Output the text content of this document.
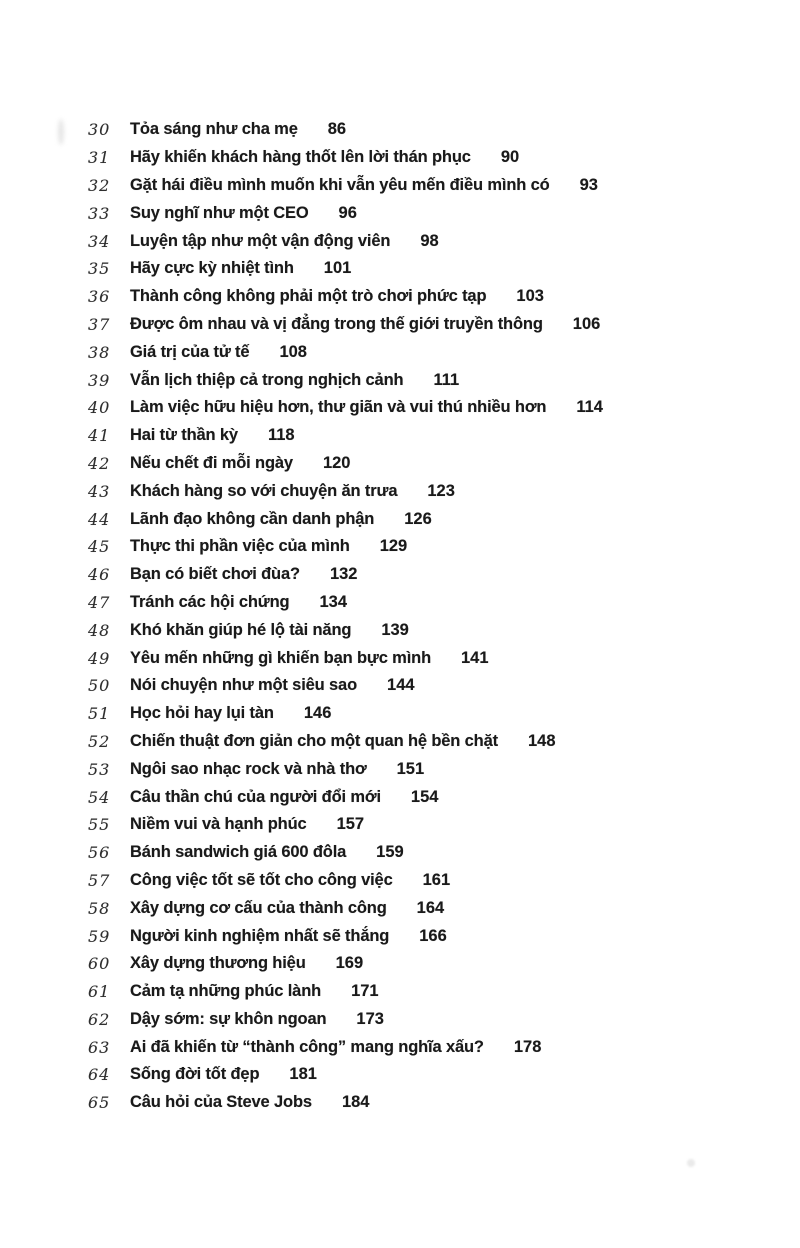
30	Tỏa sáng như cha mẹ 86
31	Hãy khiến khách hàng thốt lên lời thán phục 90
32	Gặt hái điều mình muốn khi vẫn yêu mến điều mình có 93
33	Suy nghĩ như một CEO 96
34	Luyện tập như một vận động viên 98
35	Hãy cực kỳ nhiệt tình 101
36	Thành công không phải một trò chơi phức tạp 103
37	Được ôm nhau và vị đẳng trong thế giới truyền thông 106
38	Giá trị của tử tế 108
39	Vẫn lịch thiệp cả trong nghịch cảnh 111
40	Làm việc hữu hiệu hơn, thư giãn và vui thú nhiều hơn 114
41	Hai từ thần kỳ 118
42	Nếu chết đi mỗi ngày 120
43	Khách hàng so với chuyện ăn trưa 123
44	Lãnh đạo không cần danh phận 126
45	Thực thi phần việc của mình 129
46	Bạn có biết chơi đùa? 132
47	Tránh các hội chứng 134
48	Khó khăn giúp hé lộ tài năng 139
49	Yêu mến những gì khiến bạn bực mình 141
50	Nói chuyện như một siêu sao 144
51	Học hỏi hay lụi tàn 146
52	Chiến thuật đơn giản cho một quan hệ bền chặt 148
53	Ngôi sao nhạc rock và nhà thơ 151
54	Câu thần chú của người đổi mới 154
55	Niềm vui và hạnh phúc 157
56	Bánh sandwich giá 600 đôla 159
57	Công việc tốt sẽ tốt cho công việc 161
58	Xây dựng cơ cấu của thành công 164
59	Người kinh nghiệm nhất sẽ thắng 166
60	Xây dựng thương hiệu 169
61	Cảm tạ những phúc lành 171
62	Dậy sớm: sự khôn ngoan 173
63	Ai đã khiến từ “thành công” mang nghĩa xấu? 178
64	Sống đời tốt đẹp 181
65	Câu hỏi của Steve Jobs 184
